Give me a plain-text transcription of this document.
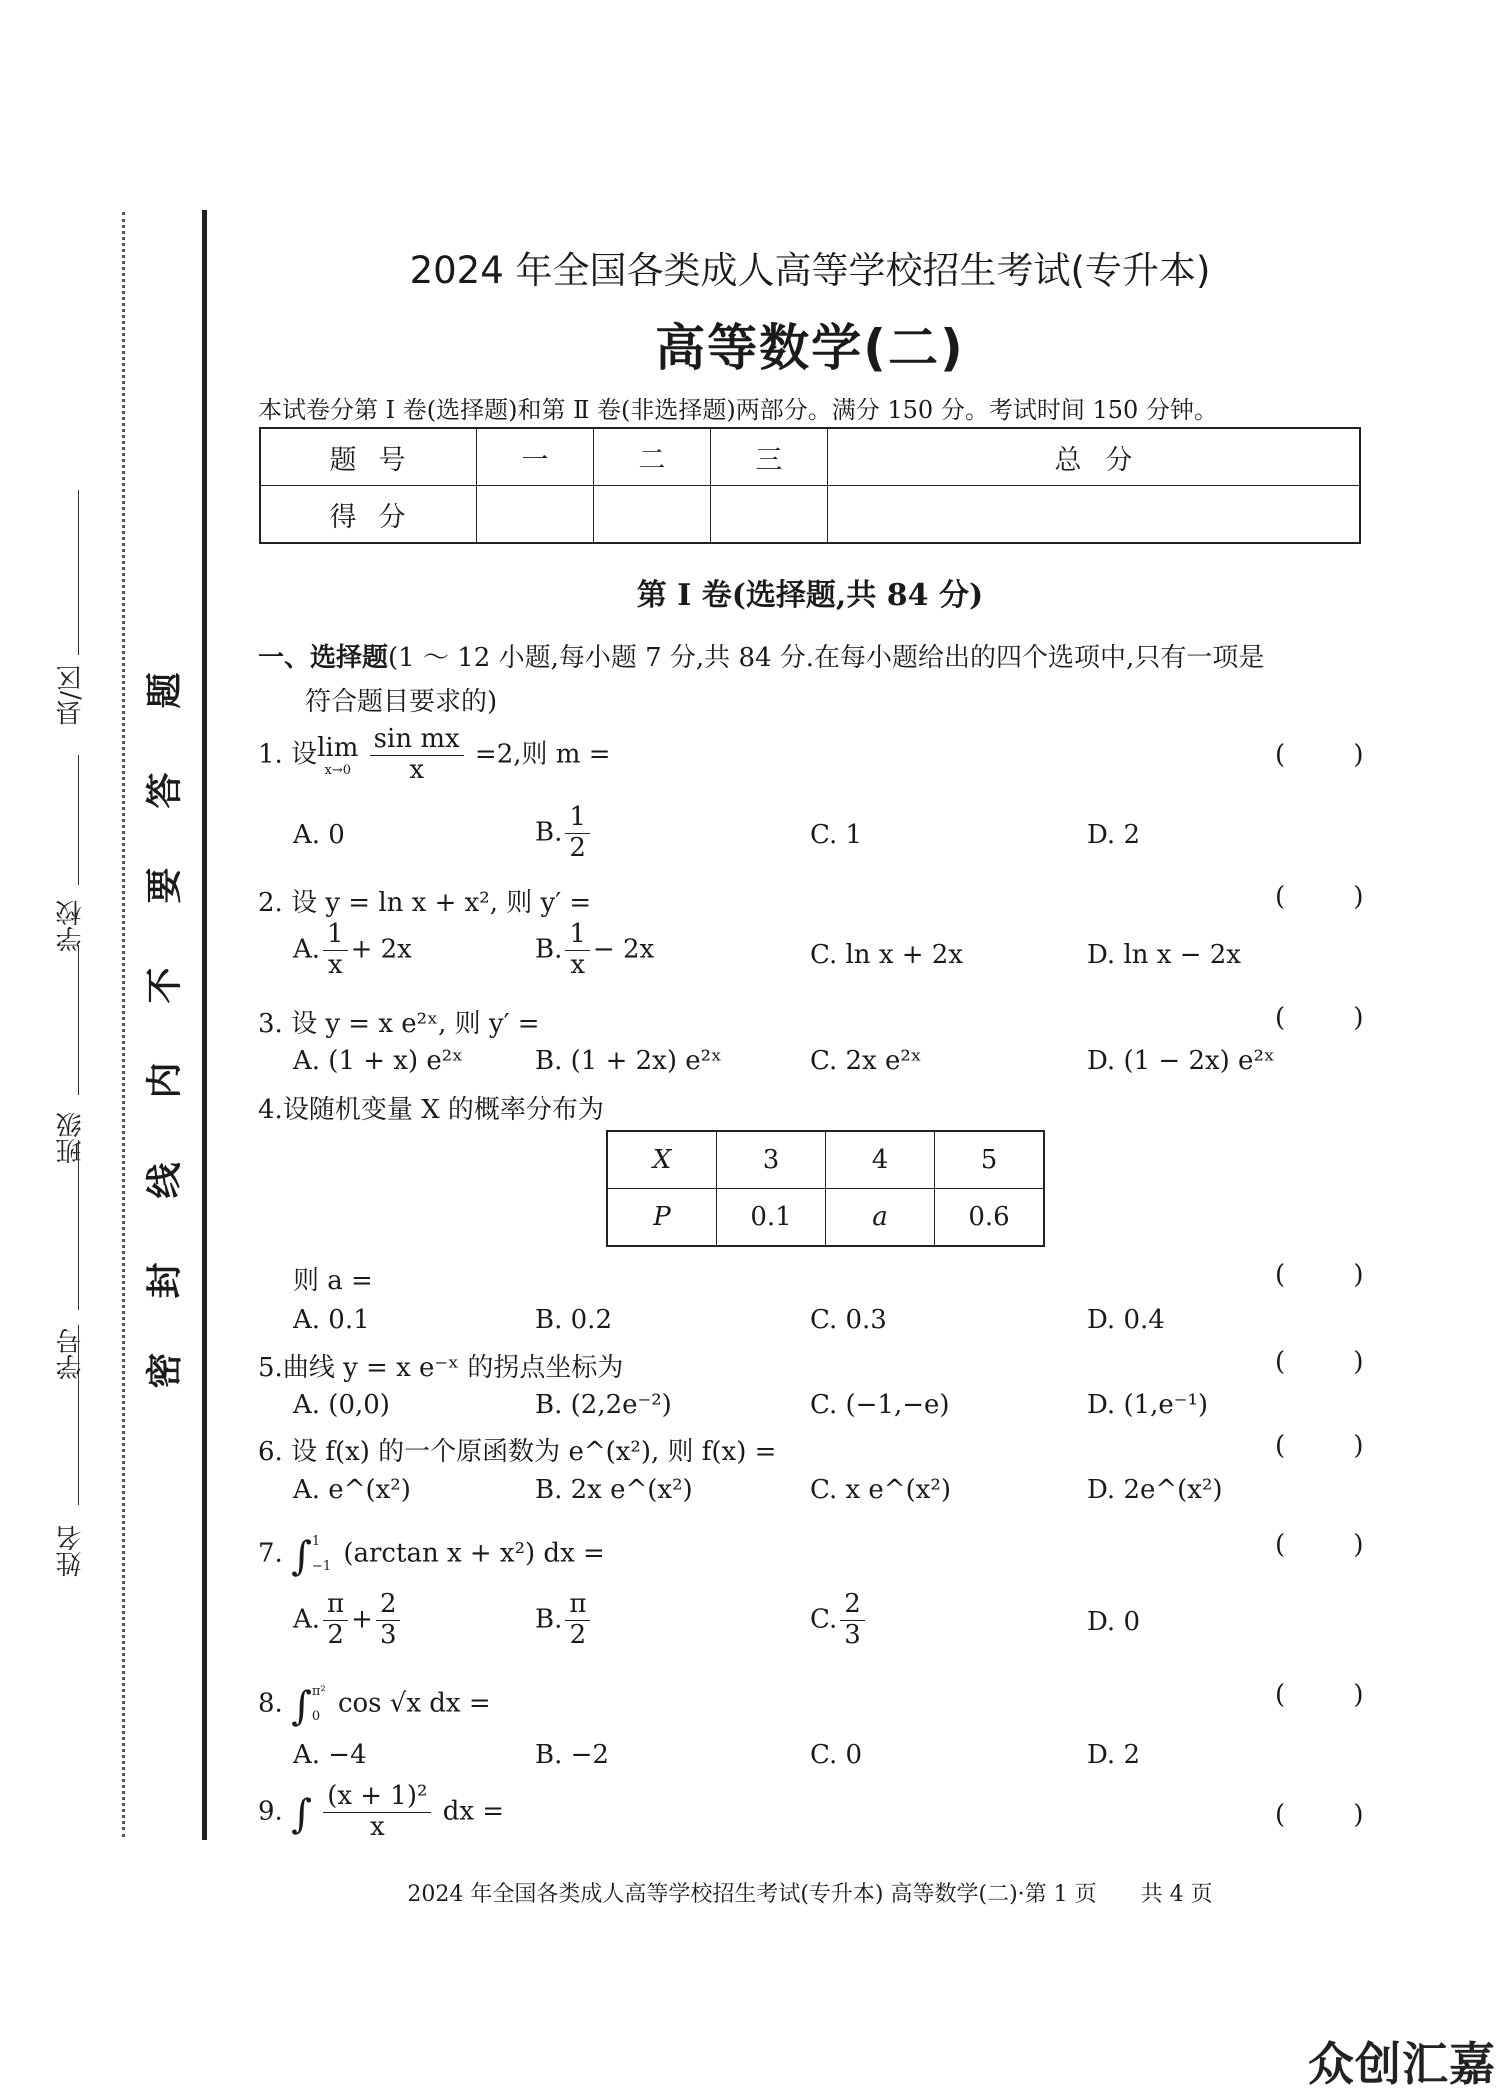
姓名
学号
班级
学校
县/区
密
封
线
内
不
要
答
题
2024 年全国各类成人高等学校招生考试(专升本)
高等数学(二)
本试卷分第 Ⅰ 卷(选择题)和第 Ⅱ 卷(非选择题)两部分。满分 150 分。考试时间 150 分钟。
题号	一	二	三	总分
得分				
第 Ⅰ 卷(选择题,共 84 分)
一、选择题(1 ～ 12 小题,每小题 7 分,共 84 分.在每小题给出的四个选项中,只有一项是
符合题目要求的)
1. 设 lim
x→0
$\frac{\text{sin mx}}{x} =2$,则 m =	( )
A. 0	B. $\frac{1}{2}$	C. 1	D. 2
2. 设 y = ln x + x², 则 y′ =	( )
A. $\frac{1}{x} + 2x$	B. $\frac{1}{x} - 2x$	C. ln x + 2x	D. ln x − 2x
3. 设 y = x e²ˣ, 则 y′ =	( )
A. (1 + x) e²ˣ	B. (1 + 2x) e²ˣ	C. 2x e²ˣ	D. (1 − 2x) e²ˣ
4.设随机变量 X 的概率分布为
X	3	4	5
P	0.1	a	0.6
则 a =	( )
A. 0.1	B. 0.2	C. 0.3	D. 0.4
5.曲线 y = x e⁻ˣ 的拐点坐标为	( )
A. (0,0)	B. (2,2e⁻²)	C. (−1,−e)	D. (1,e⁻¹)
6. 设 f(x) 的一个原函数为 e^(x²), 则 f(x) =	( )
A. e^(x²)	B. 2x e^(x²)	C. x e^(x²)	D. 2e^(x²)
7. ∫ 1
−1 (arctan x + x²) dx =	( )
A. $\frac{\pi}{2} + \frac{2}{3}$	B. $\frac{\pi}{2}$	C. $\frac{2}{3}$	D. 0
8. ∫ π²
0 cos √x dx =	( )
A. −4	B. −2	C. 0	D. 2
9. ∫ $\frac{\text{(x + 1)²}}{x}$ dx =	( )
2024 年全国各类成人高等学校招生考试(专升本) 高等数学(二)·第 1 页　　共 4 页
众创汇嘉
